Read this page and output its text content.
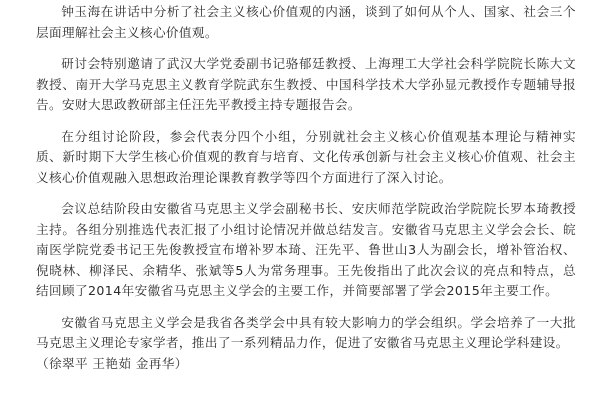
钟玉海在讲话中分析了社会主义核心价值观的内涵，谈到了如何从个人、国家、社会三个层面理解社会主义核心价值观。

研讨会特别邀请了武汉大学党委副书记骆郁廷教授、上海理工大学社会科学院院长陈大文教授、南开大学马克思主义教育学院武东生教授、中国科学技术大学孙显元教授作专题辅导报告。安财大思政教研部主任汪先平教授主持专题报告会。

在分组讨论阶段，参会代表分四个小组，分别就社会主义核心价值观基本理论与精神实质、新时期下大学生核心价值观的教育与培育、文化传承创新与社会主义核心价值观、社会主义核心价值观融入思想政治理论课教育教学等四个方面进行了深入讨论。

会议总结阶段由安徽省马克思主义学会副秘书长、安庆师范学院政治学院院长罗本琦教授主持。各组分别推选代表汇报了小组讨论情况并做总结发言。安徽省马克思主义学会会长、皖南医学院党委书记王先俊教授宣布增补罗本琦、汪先平、鲁世山3人为副会长，增补管治权、倪晓林、柳泽民、余精华、张斌等5人为常务理事。王先俊指出了此次会议的亮点和特点，总结回顾了2014年安徽省马克思主义学会的主要工作，并简要部署了学会2015年主要工作。

安徽省马克思主义学会是我省各类学会中具有较大影响力的学会组织。学会培养了一大批马克思主义理论专家学者，推出了一系列精品力作，促进了安徽省马克思主义理论学科建设。

（徐翠平 王艳茹 金再华）
